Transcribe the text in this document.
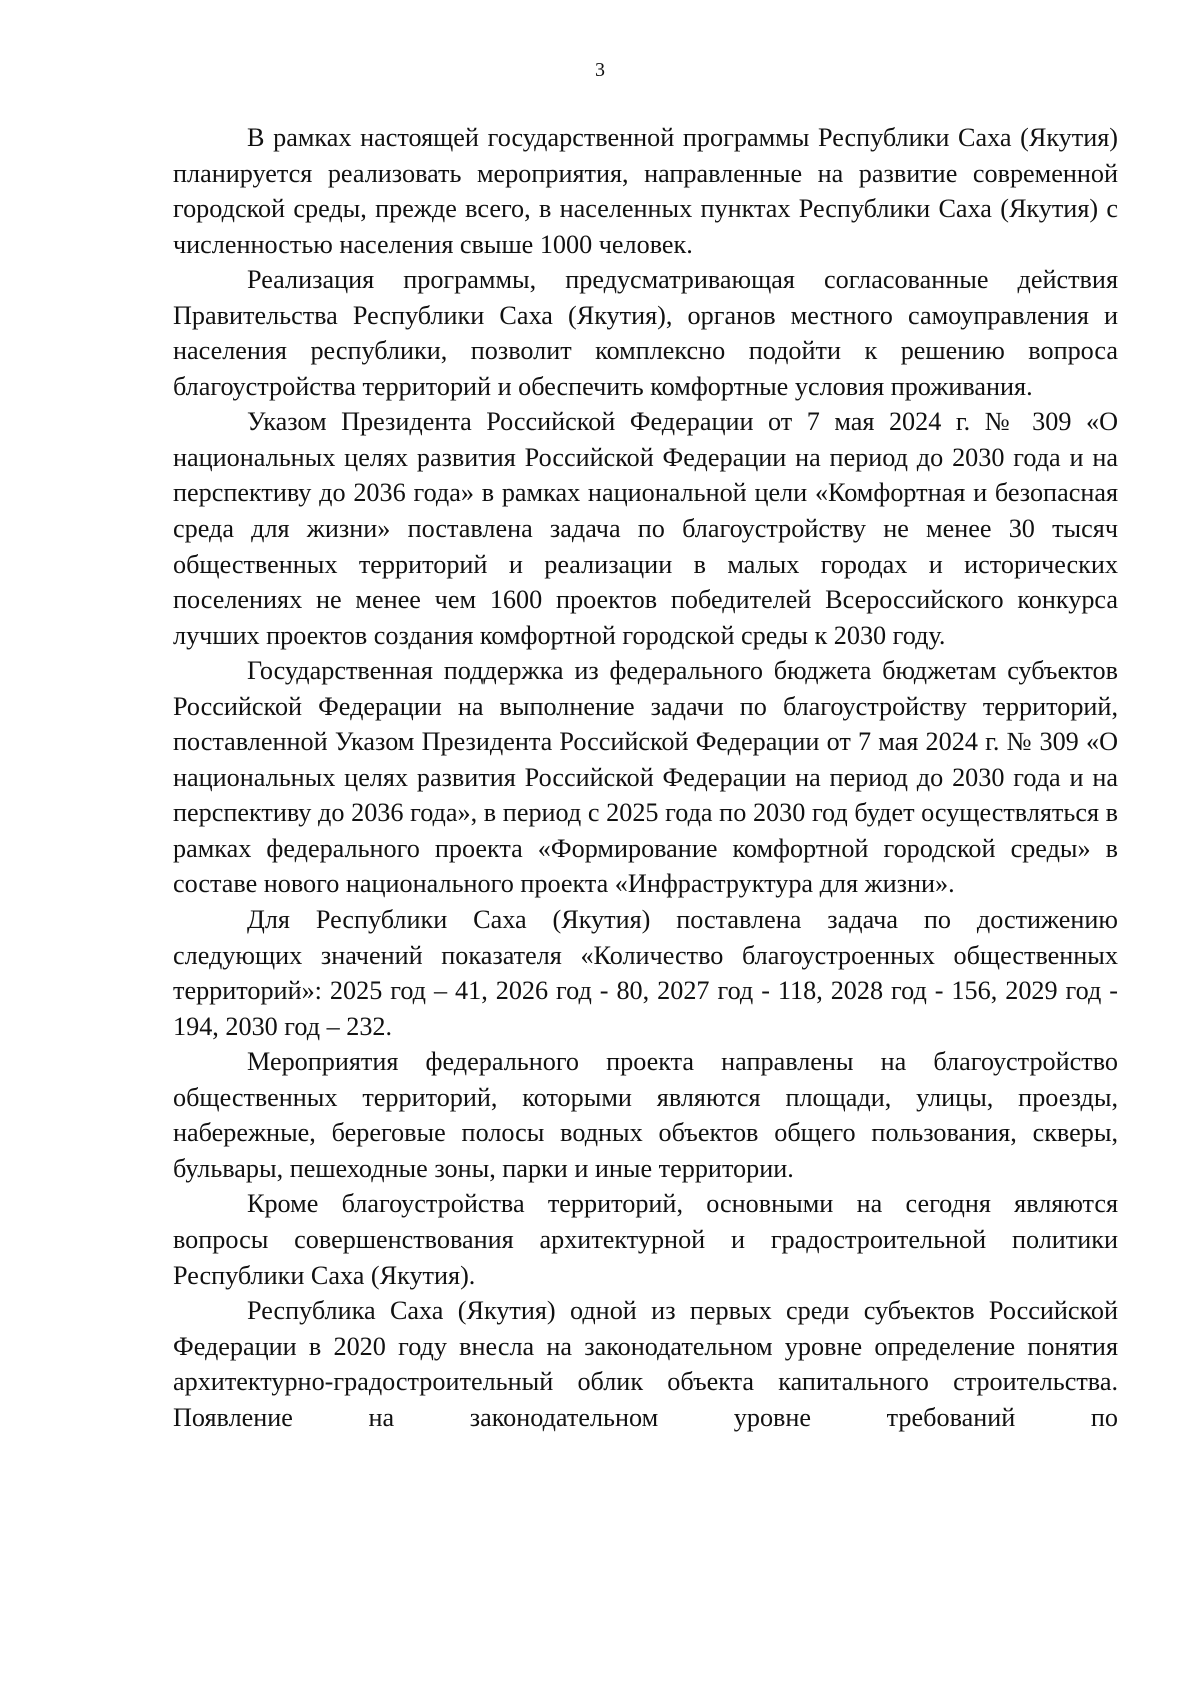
3

В рамках настоящей государственной программы Республики Саха (Якутия) планируется реализовать мероприятия, направленные на развитие современной городской среды, прежде всего, в населенных пунктах Республики Саха (Якутия) с численностью населения свыше 1000 человек.

Реализация программы, предусматривающая согласованные действия Правительства Республики Саха (Якутия), органов местного самоуправления и населения республики, позволит комплексно подойти к решению вопроса благоустройства территорий и обеспечить комфортные условия проживания.

Указом Президента Российской Федерации от 7 мая 2024 г. № 309 «О национальных целях развития Российской Федерации на период до 2030 года и на перспективу до 2036 года» в рамках национальной цели «Комфортная и безопасная среда для жизни» поставлена задача по благоустройству не менее 30 тысяч общественных территорий и реализации в малых городах и исторических поселениях не менее чем 1600 проектов победителей Всероссийского конкурса лучших проектов создания комфортной городской среды к 2030 году.

Государственная поддержка из федерального бюджета бюджетам субъектов Российской Федерации на выполнение задачи по благоустройству территорий, поставленной Указом Президента Российской Федерации от 7 мая 2024 г. № 309 «О национальных целях развития Российской Федерации на период до 2030 года и на перспективу до 2036 года», в период с 2025 года по 2030 год будет осуществляться в рамках федерального проекта «Формирование комфортной городской среды» в составе нового национального проекта «Инфраструктура для жизни».

Для Республики Саха (Якутия) поставлена задача по достижению следующих значений показателя «Количество благоустроенных общественных территорий»: 2025 год – 41, 2026 год - 80, 2027 год - 118, 2028 год - 156, 2029 год - 194, 2030 год – 232.

Мероприятия федерального проекта направлены на благоустройство общественных территорий, которыми являются площади, улицы, проезды, набережные, береговые полосы водных объектов общего пользования, скверы, бульвары, пешеходные зоны, парки и иные территории.

Кроме благоустройства территорий, основными на сегодня являются вопросы совершенствования архитектурной и градостроительной политики Республики Саха (Якутия).

Республика Саха (Якутия) одной из первых среди субъектов Российской Федерации в 2020 году внесла на законодательном уровне определение понятия архитектурно-градостроительный облик объекта капитального строительства. Появление на законодательном уровне требований по
